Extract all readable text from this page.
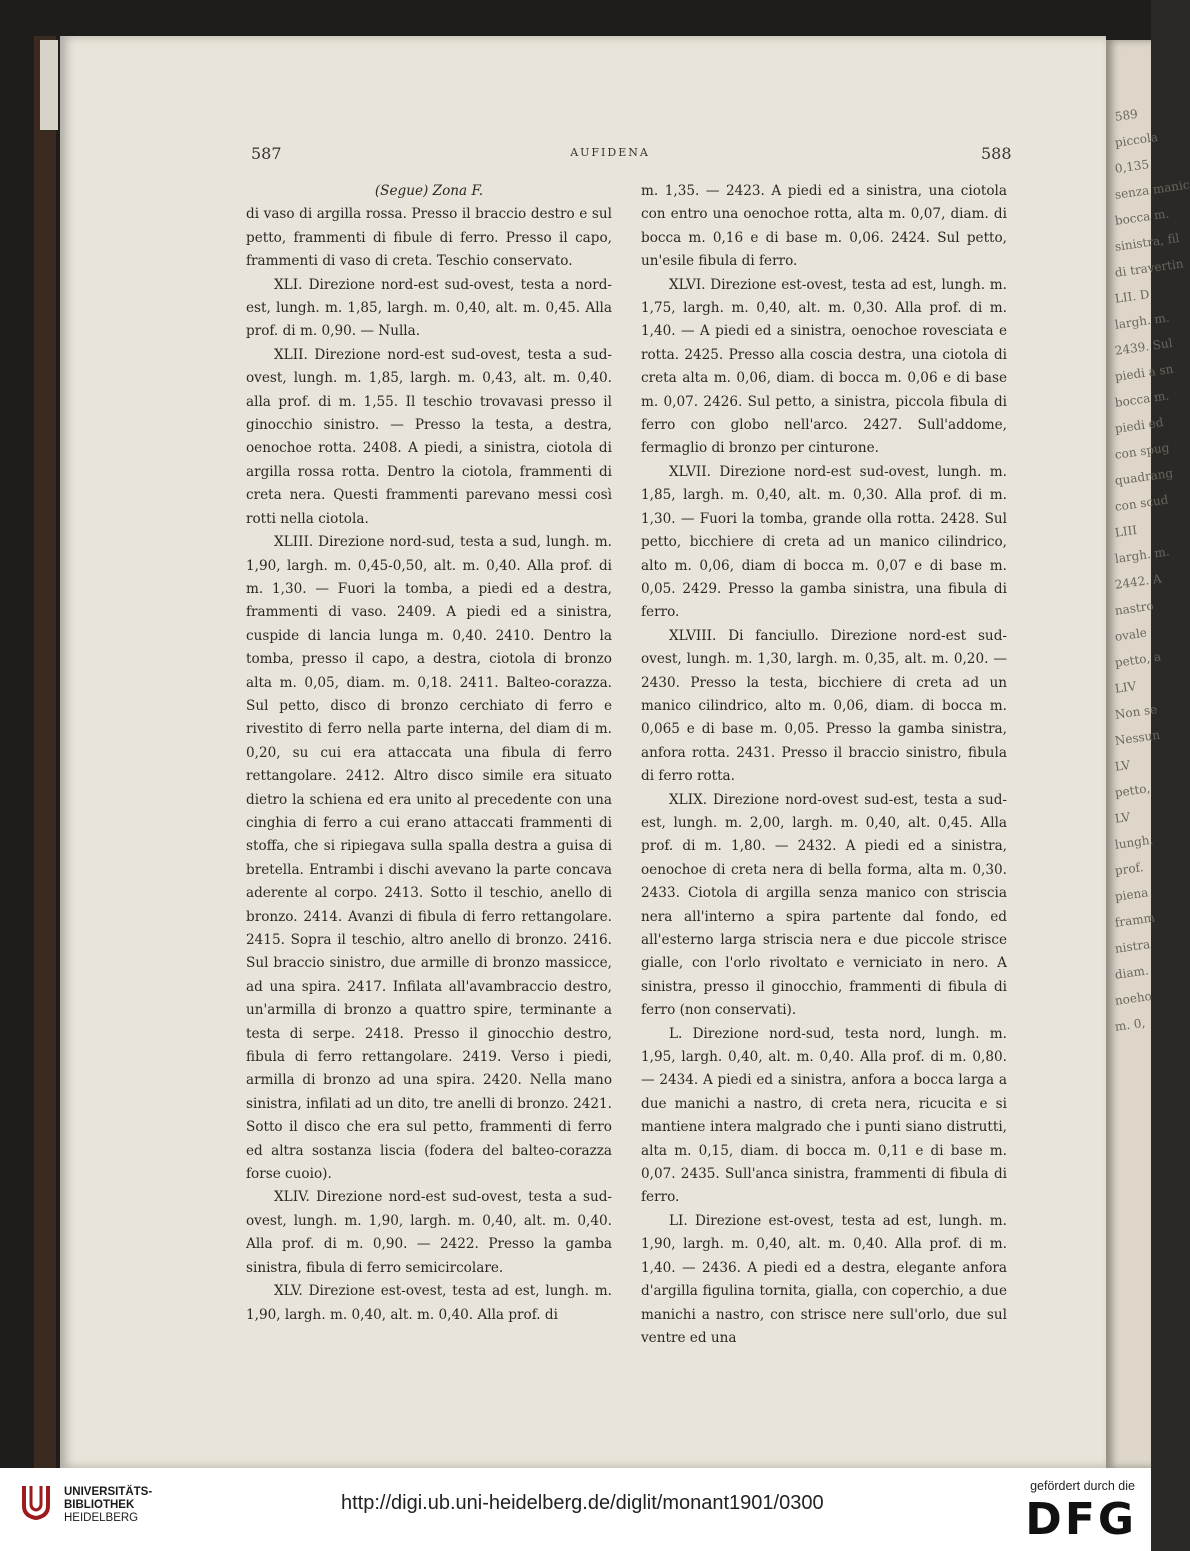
587	AUFIDENA	588

(Segue) Zona F.

di vaso di argilla rossa. Presso il braccio destro e sul petto, frammenti di fibule di ferro. Presso il capo, frammenti di vaso di creta. Teschio conservato.

XLI. Direzione nord-est sud-ovest, testa a nord-est, lungh. m. 1,85, largh. m. 0,40, alt. m. 0,45. Alla prof. di m. 0,90. — Nulla.

XLII. Direzione nord-est sud-ovest, testa a sud-ovest, lungh. m. 1,85, largh. m. 0,43, alt. m. 0,40. alla prof. di m. 1,55. Il teschio trovavasi presso il ginocchio sinistro. — Presso la testa, a destra, oenochoe rotta. 2408. A piedi, a sinistra, ciotola di argilla rossa rotta. Dentro la ciotola, frammenti di creta nera. Questi frammenti parevano messi così rotti nella ciotola.

XLIII. Direzione nord-sud, testa a sud, lungh. m. 1,90, largh. m. 0,45-0,50, alt. m. 0,40. Alla prof. di m. 1,30. — Fuori la tomba, a piedi ed a destra, frammenti di vaso. 2409. A piedi ed a sinistra, cuspide di lancia lunga m. 0,40. 2410. Dentro la tomba, presso il capo, a destra, ciotola di bronzo alta m. 0,05, diam. m. 0,18. 2411. Balteo-corazza. Sul petto, disco di bronzo cerchiato di ferro e rivestito di ferro nella parte interna, del diam di m. 0,20, su cui era attaccata una fibula di ferro rettangolare. 2412. Altro disco simile era situato dietro la schiena ed era unito al precedente con una cinghia di ferro a cui erano attaccati frammenti di stoffa, che si ripiegava sulla spalla destra a guisa di bretella. Entrambi i dischi avevano la parte concava aderente al corpo. 2413. Sotto il teschio, anello di bronzo. 2414. Avanzi di fibula di ferro rettangolare. 2415. Sopra il teschio, altro anello di bronzo. 2416. Sul braccio sinistro, due armille di bronzo massicce, ad una spira. 2417. Infilata all'avambraccio destro, un'armilla di bronzo a quattro spire, terminante a testa di serpe. 2418. Presso il ginocchio destro, fibula di ferro rettangolare. 2419. Verso i piedi, armilla di bronzo ad una spira. 2420. Nella mano sinistra, infilati ad un dito, tre anelli di bronzo. 2421. Sotto il disco che era sul petto, frammenti di ferro ed altra sostanza liscia (fodera del balteo-corazza forse cuoio).

XLIV. Direzione nord-est sud-ovest, testa a sud-ovest, lungh. m. 1,90, largh. m. 0,40, alt. m. 0,40. Alla prof. di m. 0,90. — 2422. Presso la gamba sinistra, fibula di ferro semicircolare.

XLV. Direzione est-ovest, testa ad est, lungh. m. 1,90, largh. m. 0,40, alt. m. 0,40. Alla prof. di

m. 1,35. — 2423. A piedi ed a sinistra, una ciotola con entro una oenochoe rotta, alta m. 0,07, diam. di bocca m. 0,16 e di base m. 0,06. 2424. Sul petto, un'esile fibula di ferro.

XLVI. Direzione est-ovest, testa ad est, lungh. m. 1,75, largh. m. 0,40, alt. m. 0,30. Alla prof. di m. 1,40. — A piedi ed a sinistra, oenochoe rovesciata e rotta. 2425. Presso alla coscia destra, una ciotola di creta alta m. 0,06, diam. di bocca m. 0,06 e di base m. 0,07. 2426. Sul petto, a sinistra, piccola fibula di ferro con globo nell'arco. 2427. Sull'addome, fermaglio di bronzo per cinturone.

XLVII. Direzione nord-est sud-ovest, lungh. m. 1,85, largh. m. 0,40, alt. m. 0,30. Alla prof. di m. 1,30. — Fuori la tomba, grande olla rotta. 2428. Sul petto, bicchiere di creta ad un manico cilindrico, alto m. 0,06, diam di bocca m. 0,07 e di base m. 0,05. 2429. Presso la gamba sinistra, una fibula di ferro.

XLVIII. Di fanciullo. Direzione nord-est sud-ovest, lungh. m. 1,30, largh. m. 0,35, alt. m. 0,20. — 2430. Presso la testa, bicchiere di creta ad un manico cilindrico, alto m. 0,06, diam. di bocca m. 0,065 e di base m. 0,05. Presso la gamba sinistra, anfora rotta. 2431. Presso il braccio sinistro, fibula di ferro rotta.

XLIX. Direzione nord-ovest sud-est, testa a sud-est, lungh. m. 2,00, largh. m. 0,40, alt. 0,45. Alla prof. di m. 1,80. — 2432. A piedi ed a sinistra, oenochoe di creta nera di bella forma, alta m. 0,30. 2433. Ciotola di argilla senza manico con striscia nera all'interno a spira partente dal fondo, ed all'esterno larga striscia nera e due piccole strisce gialle, con l'orlo rivoltato e verniciato in nero. A sinistra, presso il ginocchio, frammenti di fibula di ferro (non conservati).

L. Direzione nord-sud, testa nord, lungh. m. 1,95, largh. 0,40, alt. m. 0,40. Alla prof. di m. 0,80. — 2434. A piedi ed a sinistra, anfora a bocca larga a due manichi a nastro, di creta nera, ricucita e si mantiene intera malgrado che i punti siano distrutti, alta m. 0,15, diam. di bocca m. 0,11 e di base m. 0,07. 2435. Sull'anca sinistra, frammenti di fibula di ferro.

LI. Direzione est-ovest, testa ad est, lungh. m. 1,90, largh. m. 0,40, alt. m. 0,40. Alla prof. di m. 1,40. — 2436. A piedi ed a destra, elegante anfora d'argilla figulina tornita, gialla, con coperchio, a due manichi a nastro, con strisce nere sull'orlo, due sul ventre ed una

589
piccola
0,135
senza manic
bocca m.
sinistra, fil
di travertin
LII. D
largh. m.
2439. Sul
piedi a sn
bocca m.
piedi ed
con spug
quadrang
con scud
LIII
largh. m.
2442. A
nastro
ovale
petto, a
LIV
Non se
Nessun
LV
petto,
LV
lungh.
prof.
piena
framm
nistra
diam.
noeho
m. 0,
UNIVERSITÄTS-
BIBLIOTHEK
HEIDELBERG
http://digi.ub.uni-heidelberg.de/diglit/monant1901/0300
gefördert durch die
DFG
